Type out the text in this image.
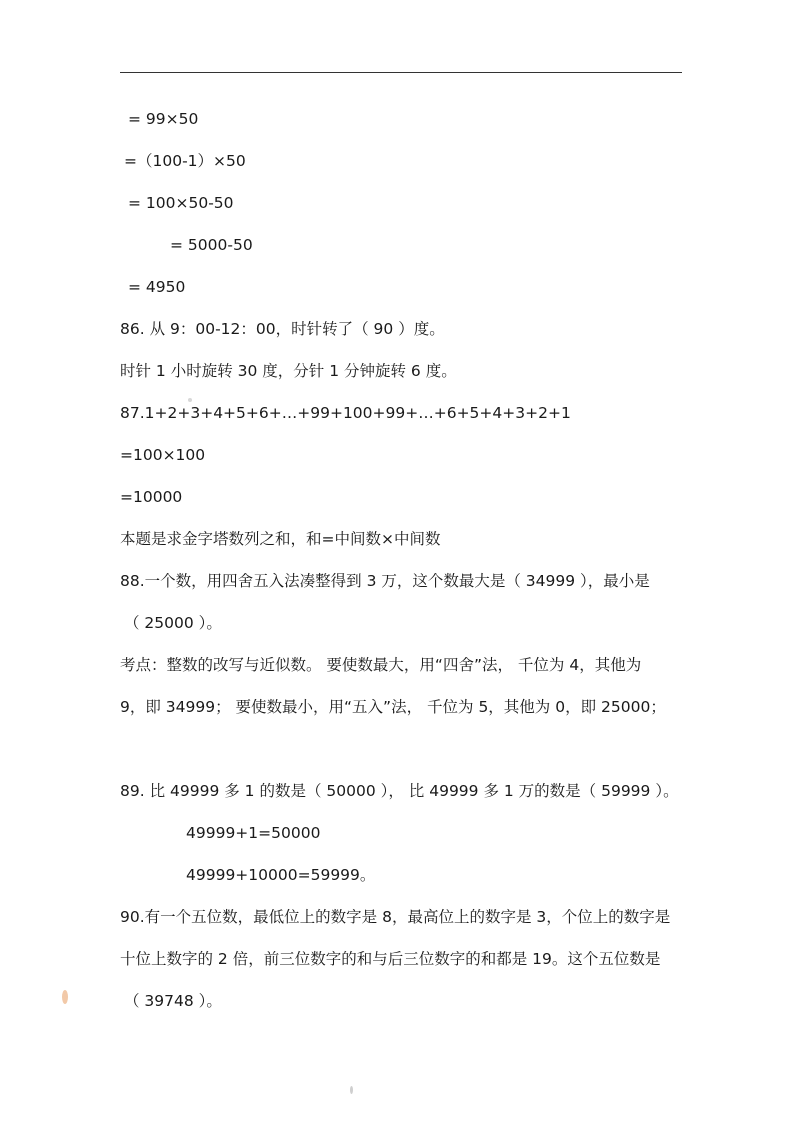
= 99×50
=（100-1）×50
= 100×50-50
= 5000-50
= 4950
86. 从 9：00-12：00，时针转了（ 90 ）度。
时针 1 小时旋转 30 度，分针 1 分钟旋转 6 度。
87.1+2+3+4+5+6+…+99+100+99+…+6+5+4+3+2+1
=100×100
=10000
本题是求金字塔数列之和，和=中间数×中间数
88.一个数，用四舍五入法凑整得到 3 万，这个数最大是（ 34999 ），最小是
（ 25000 ）。
考点：整数的改写与近似数。 要使数最大，用“四舍”法， 千位为 4，其他为
9，即 34999； 要使数最小，用“五入”法， 千位为 5，其他为 0，即 25000；
89. 比 49999 多 1 的数是（ 50000 ）， 比 49999 多 1 万的数是（ 59999 ）。
49999+1=50000
49999+10000=59999。
90.有一个五位数，最低位上的数字是 8，最高位上的数字是 3，个位上的数字是
十位上数字的 2 倍，前三位数字的和与后三位数字的和都是 19。这个五位数是
（ 39748 ）。
